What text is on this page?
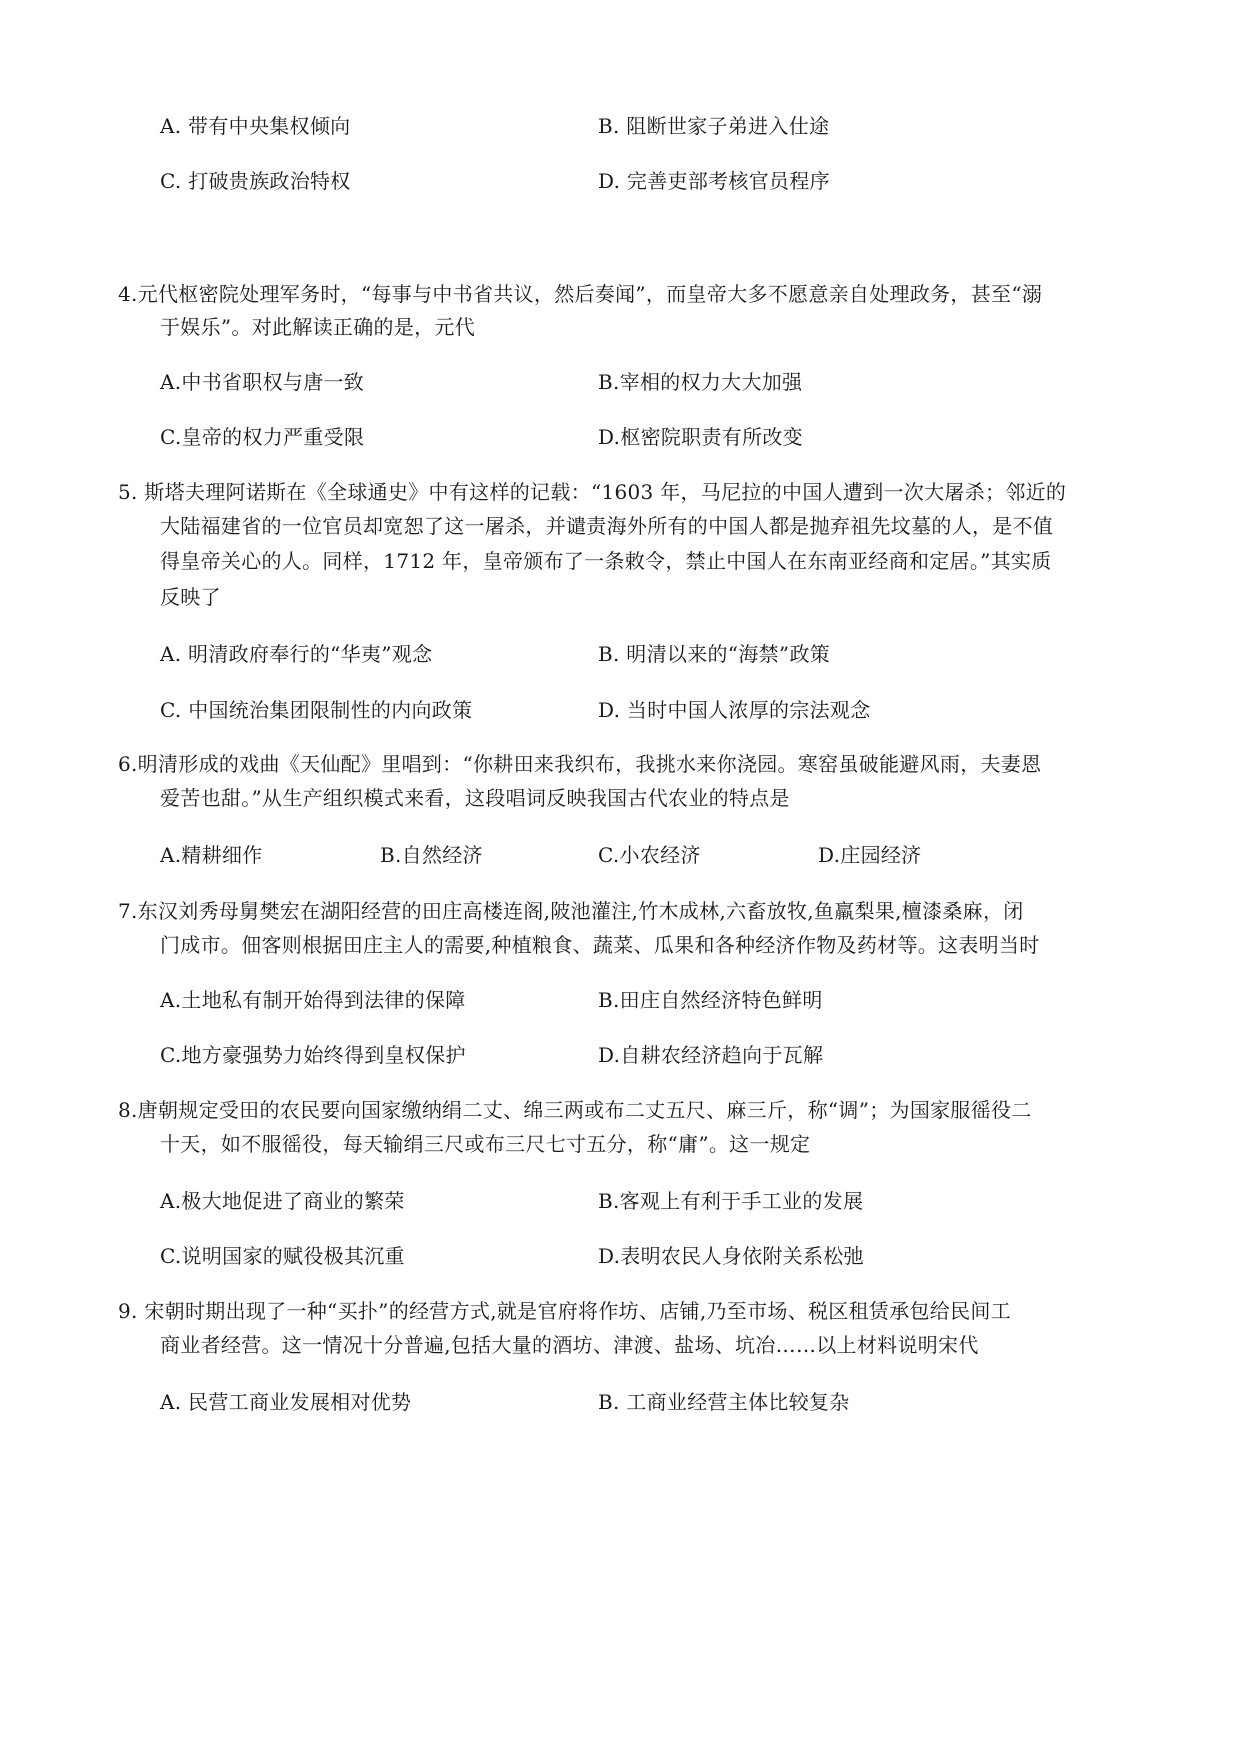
A. 带有中央集权倾向	B. 阻断世家子弟进入仕途
C. 打破贵族政治特权	D. 完善吏部考核官员程序
4.元代枢密院处理军务时，“每事与中书省共议，然后奏闻”，而皇帝大多不愿意亲自处理政务，甚至“溺
于娱乐”。对此解读正确的是，元代
A.中书省职权与唐一致	B.宰相的权力大大加强
C.皇帝的权力严重受限	D.枢密院职责有所改变
5. 斯塔夫理阿诺斯在《全球通史》中有这样的记载：“1603 年，马尼拉的中国人遭到一次大屠杀；邻近的
大陆福建省的一位官员却宽恕了这一屠杀，并谴责海外所有的中国人都是抛弃祖先坟墓的人，是不值
得皇帝关心的人。同样，1712 年，皇帝颁布了一条敕令，禁止中国人在东南亚经商和定居。”其实质
反映了
A. 明清政府奉行的“华夷”观念	B. 明清以来的“海禁”政策
C. 中国统治集团限制性的内向政策	D. 当时中国人浓厚的宗法观念
6.明清形成的戏曲《天仙配》里唱到：“你耕田来我织布，我挑水来你浇园。寒窑虽破能避风雨，夫妻恩
爱苦也甜。”从生产组织模式来看，这段唱词反映我国古代农业的特点是
A.精耕细作	B.自然经济	C.小农经济	D.庄园经济
7.东汉刘秀母舅樊宏在湖阳经营的田庄高楼连阁,陂池灌注,竹木成林,六畜放牧,鱼羸梨果,檀漆桑麻，闭
门成市。佃客则根据田庄主人的需要,种植粮食、蔬菜、瓜果和各种经济作物及药材等。这表明当时
A.土地私有制开始得到法律的保障	B.田庄自然经济特色鲜明
C.地方豪强势力始终得到皇权保护	D.自耕农经济趋向于瓦解
8.唐朝规定受田的农民要向国家缴纳绢二丈、绵三两或布二丈五尺、麻三斤，称“调”；为国家服徭役二
十天，如不服徭役，每天输绢三尺或布三尺七寸五分，称“庸”。这一规定
A.极大地促进了商业的繁荣	B.客观上有利于手工业的发展
C.说明国家的赋役极其沉重	D.表明农民人身依附关系松弛
9. 宋朝时期出现了一种“买扑”的经营方式,就是官府将作坊、店铺,乃至市场、税区租赁承包给民间工
商业者经营。这一情况十分普遍,包括大量的酒坊、津渡、盐场、坑冶……以上材料说明宋代
A. 民营工商业发展相对优势	B. 工商业经营主体比较复杂
